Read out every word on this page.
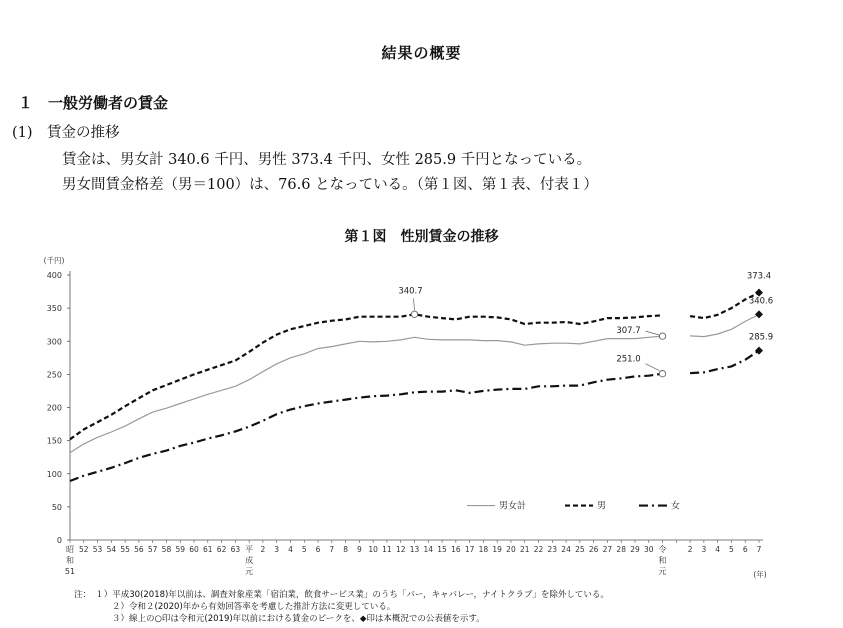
結果の概要
１　一般労働者の賃金
(1)　賃金の推移
賃金は、男女計 340.6 千円、男性 373.4 千円、女性 285.9 千円となっている。
男女間賃金格差（男＝100）は、76.6 となっている。（第１図、第１表、付表１）
第１図　性別賃金の推移
0
50
100
150
200
250
300
350
400
(千円)
昭
和
51
52 53 54 55 56 57 58 59 60 61 62 63 平
成
元
2 3 4 5 6 7 8 9 10 11 12 13 14 15 16 17 18 19 20 21 22 23 24 25 26 27 28 29 30 令
和
元
2 3 4 5 6 7
(年)
340.7
307.7
251.0
373.4
340.6
285.9
男女計	男	女
注：　１）平成30(2018)年以前は、調査対象産業「宿泊業，飲食サービス業」のうち「バー，キャバレー，ナイトクラブ」を除外している。
２）令和２(2020)年から有効回答率を考慮した推計方法に変更している。
３）線上の○印は令和元(2019)年以前における賃金のピークを、◆印は本概況での公表値を示す。
